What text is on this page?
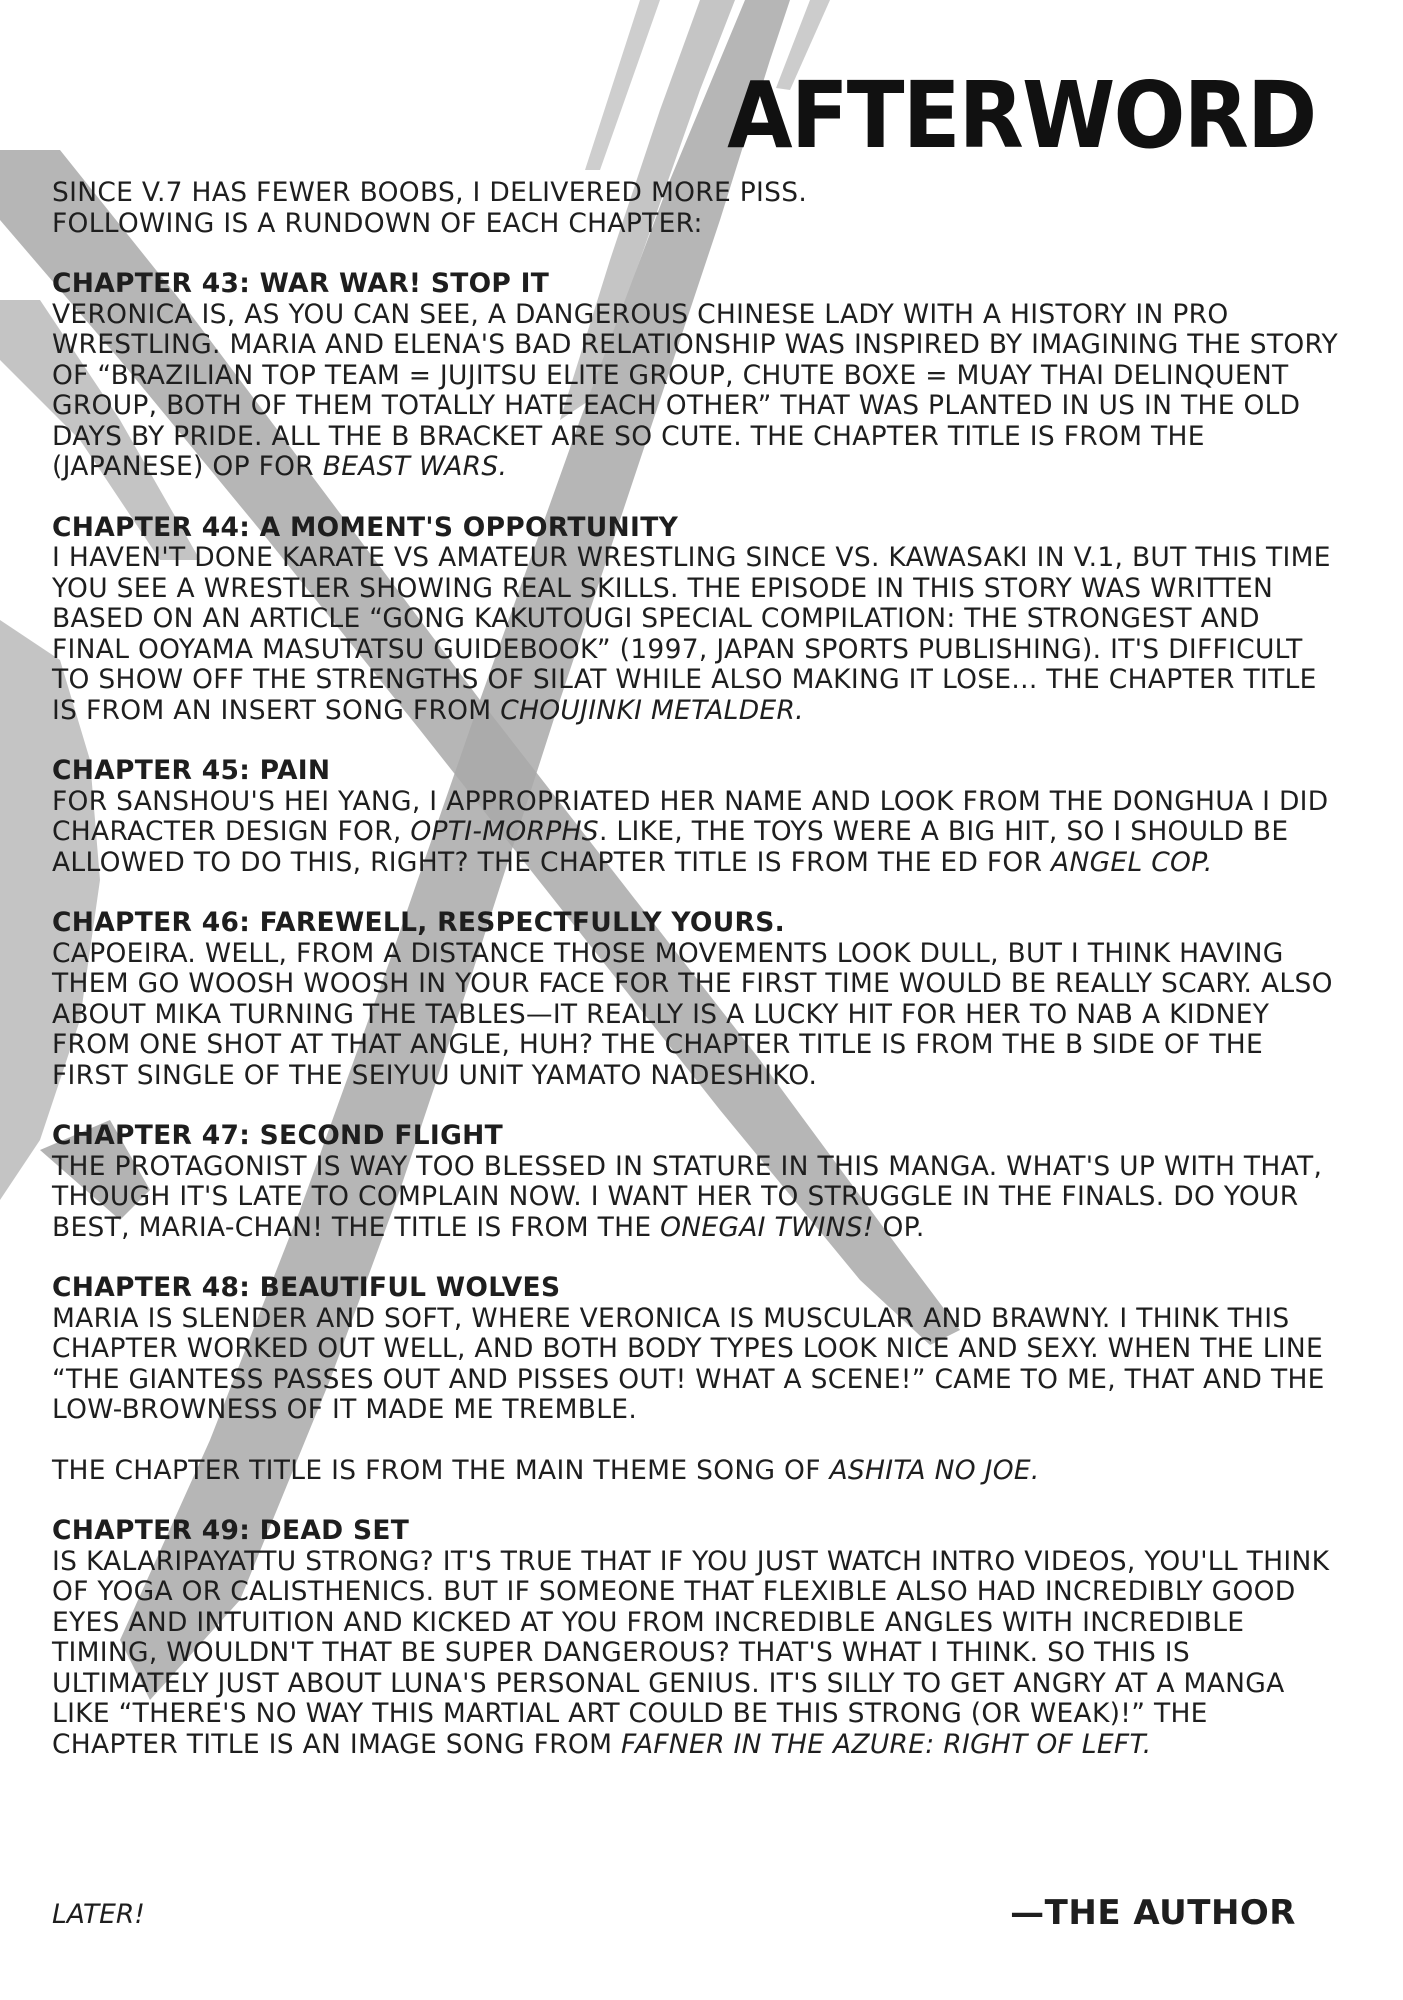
AFTERWORD

SINCE V.7 HAS FEWER BOOBS, I DELIVERED MORE PISS.

FOLLOWING IS A RUNDOWN OF EACH CHAPTER:

CHAPTER 43: WAR WAR! STOP IT

VERONICA IS, AS YOU CAN SEE, A DANGEROUS CHINESE LADY WITH A HISTORY IN PRO WRESTLING. MARIA AND ELENA'S BAD RELATIONSHIP WAS INSPIRED BY IMAGINING THE STORY OF “BRAZILIAN TOP TEAM = JUJITSU ELITE GROUP, CHUTE BOXE = MUAY THAI DELINQUENT GROUP, BOTH OF THEM TOTALLY HATE EACH OTHER” THAT WAS PLANTED IN US IN THE OLD DAYS BY PRIDE. ALL THE B BRACKET ARE SO CUTE. THE CHAPTER TITLE IS FROM THE (JAPANESE) OP FOR BEAST WARS.

CHAPTER 44: A MOMENT'S OPPORTUNITY

I HAVEN'T DONE KARATE VS AMATEUR WRESTLING SINCE VS. KAWASAKI IN V.1, BUT THIS TIME YOU SEE A WRESTLER SHOWING REAL SKILLS. THE EPISODE IN THIS STORY WAS WRITTEN BASED ON AN ARTICLE “GONG KAKUTOUGI SPECIAL COMPILATION: THE STRONGEST AND FINAL OOYAMA MASUTATSU GUIDEBOOK” (1997, JAPAN SPORTS PUBLISHING). IT'S DIFFICULT TO SHOW OFF THE STRENGTHS OF SILAT WHILE ALSO MAKING IT LOSE... THE CHAPTER TITLE IS FROM AN INSERT SONG FROM CHOUJINKI METALDER.

CHAPTER 45: PAIN

FOR SANSHOU'S HEI YANG, I APPROPRIATED HER NAME AND LOOK FROM THE DONGHUA I DID CHARACTER DESIGN FOR, OPTI-MORPHS. LIKE, THE TOYS WERE A BIG HIT, SO I SHOULD BE ALLOWED TO DO THIS, RIGHT? THE CHAPTER TITLE IS FROM THE ED FOR ANGEL COP.

CHAPTER 46: FAREWELL, RESPECTFULLY YOURS.

CAPOEIRA. WELL, FROM A DISTANCE THOSE MOVEMENTS LOOK DULL, BUT I THINK HAVING THEM GO WOOSH WOOSH IN YOUR FACE FOR THE FIRST TIME WOULD BE REALLY SCARY. ALSO ABOUT MIKA TURNING THE TABLES—IT REALLY IS A LUCKY HIT FOR HER TO NAB A KIDNEY FROM ONE SHOT AT THAT ANGLE, HUH? THE CHAPTER TITLE IS FROM THE B SIDE OF THE FIRST SINGLE OF THE SEIYUU UNIT YAMATO NADESHIKO.

CHAPTER 47: SECOND FLIGHT

THE PROTAGONIST IS WAY TOO BLESSED IN STATURE IN THIS MANGA. WHAT'S UP WITH THAT, THOUGH IT'S LATE TO COMPLAIN NOW. I WANT HER TO STRUGGLE IN THE FINALS. DO YOUR BEST, MARIA-CHAN! THE TITLE IS FROM THE ONEGAI TWINS! OP.

CHAPTER 48: BEAUTIFUL WOLVES

MARIA IS SLENDER AND SOFT, WHERE VERONICA IS MUSCULAR AND BRAWNY. I THINK THIS CHAPTER WORKED OUT WELL, AND BOTH BODY TYPES LOOK NICE AND SEXY. WHEN THE LINE “THE GIANTESS PASSES OUT AND PISSES OUT! WHAT A SCENE!” CAME TO ME, THAT AND THE LOW-BROWNESS OF IT MADE ME TREMBLE.

THE CHAPTER TITLE IS FROM THE MAIN THEME SONG OF ASHITA NO JOE.

CHAPTER 49: DEAD SET

IS KALARIPAYATTU STRONG? IT'S TRUE THAT IF YOU JUST WATCH INTRO VIDEOS, YOU'LL THINK OF YOGA OR CALISTHENICS. BUT IF SOMEONE THAT FLEXIBLE ALSO HAD INCREDIBLY GOOD EYES AND INTUITION AND KICKED AT YOU FROM INCREDIBLE ANGLES WITH INCREDIBLE TIMING, WOULDN'T THAT BE SUPER DANGEROUS? THAT'S WHAT I THINK. SO THIS IS ULTIMATELY JUST ABOUT LUNA'S PERSONAL GENIUS. IT'S SILLY TO GET ANGRY AT A MANGA LIKE “THERE'S NO WAY THIS MARTIAL ART COULD BE THIS STRONG (OR WEAK)!” THE CHAPTER TITLE IS AN IMAGE SONG FROM FAFNER IN THE AZURE: RIGHT OF LEFT.

LATER!	—THE AUTHOR
